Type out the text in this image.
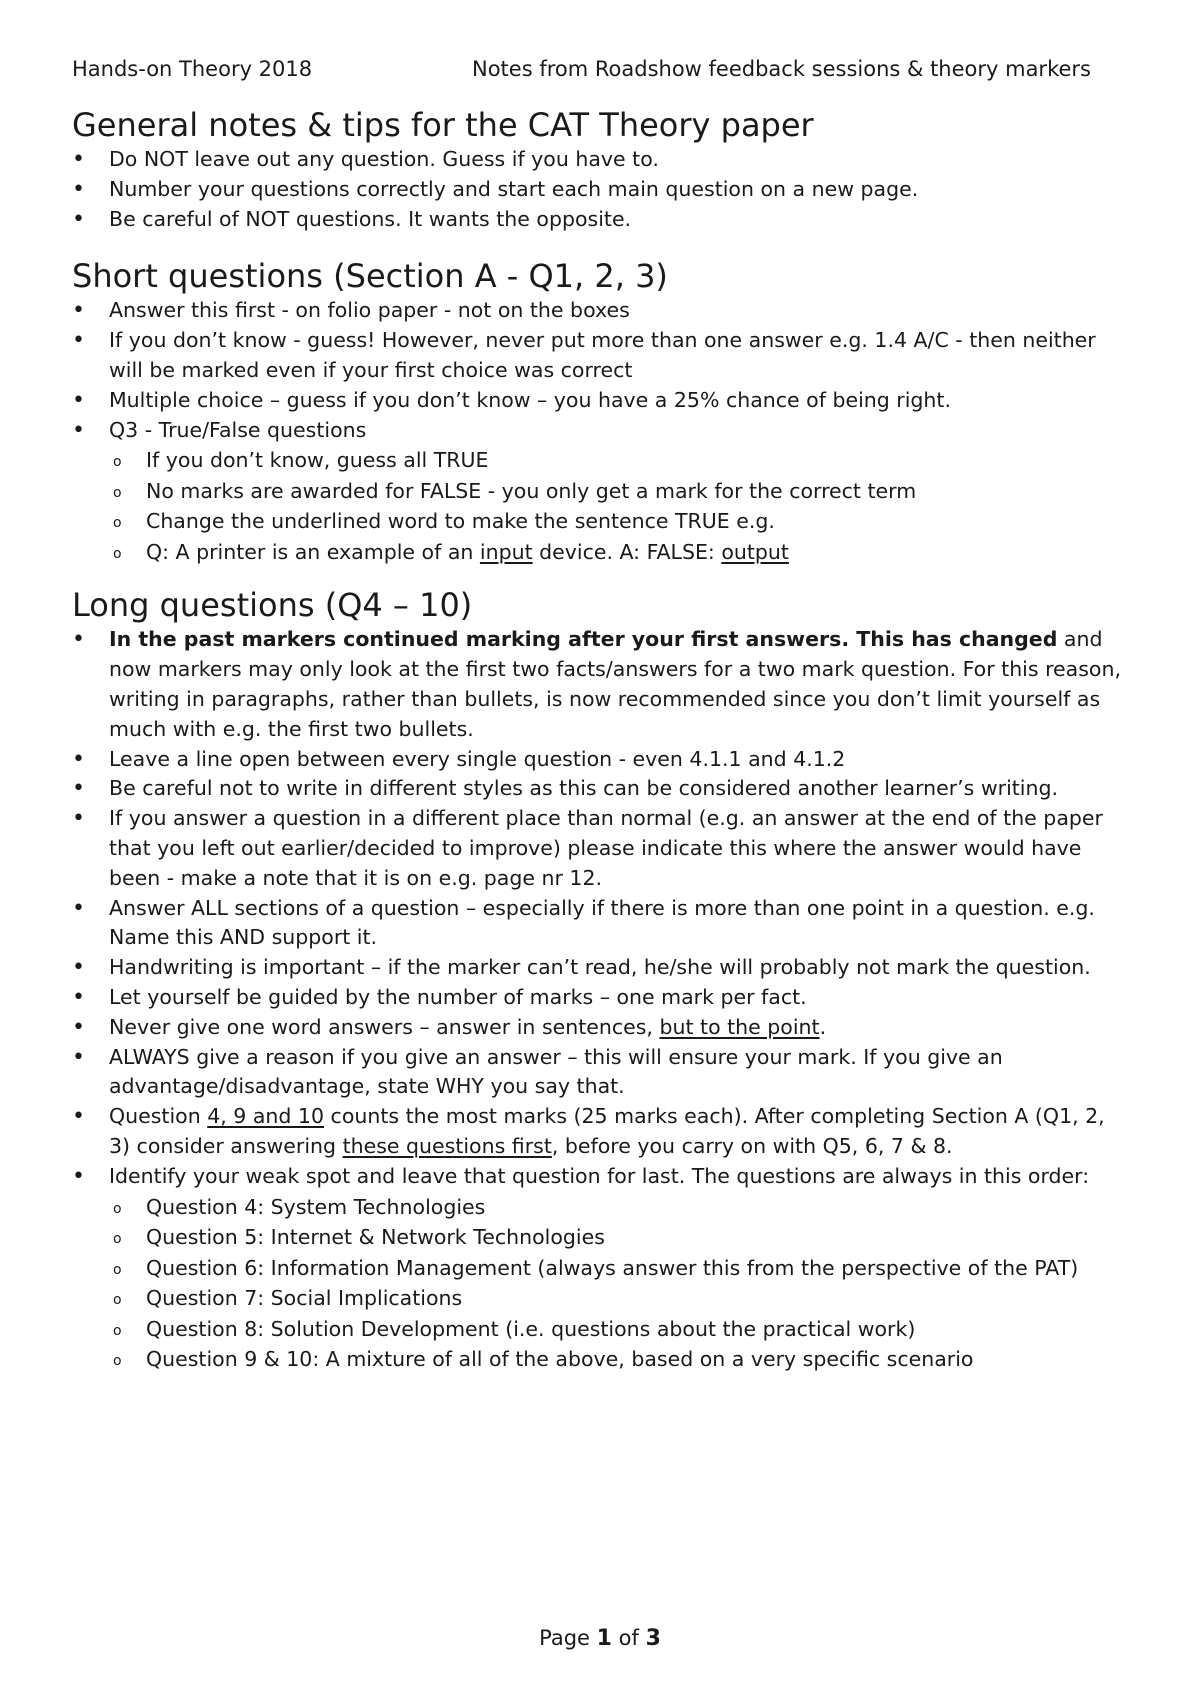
Hands-on Theory 2018	Notes from Roadshow feedback sessions & theory markers
General notes & tips for the CAT Theory paper
• Do NOT leave out any question. Guess if you have to.
• Number your questions correctly and start each main question on a new page.
• Be careful of NOT questions. It wants the opposite.
Short questions (Section A - Q1, 2, 3)
• Answer this first - on folio paper - not on the boxes
• If you don’t know - guess! However, never put more than one answer e.g. 1.4 A/C - then neither will be marked even if your first choice was correct
• Multiple choice – guess if you don’t know – you have a 25% chance of being right.
• Q3 - True/False questions
o If you don’t know, guess all TRUE
o No marks are awarded for FALSE - you only get a mark for the correct term
o Change the underlined word to make the sentence TRUE e.g.
o Q: A printer is an example of an input device. A: FALSE: output
Long questions (Q4 – 10)
• In the past markers continued marking after your first answers. This has changed and now markers may only look at the first two facts/answers for a two mark question. For this reason, writing in paragraphs, rather than bullets, is now recommended since you don’t limit yourself as much with e.g. the first two bullets.
• Leave a line open between every single question - even 4.1.1 and 4.1.2
• Be careful not to write in different styles as this can be considered another learner’s writing.
• If you answer a question in a different place than normal (e.g. an answer at the end of the paper that you left out earlier/decided to improve) please indicate this where the answer would have been - make a note that it is on e.g. page nr 12.
• Answer ALL sections of a question – especially if there is more than one point in a question. e.g. Name this AND support it.
• Handwriting is important – if the marker can’t read, he/she will probably not mark the question.
• Let yourself be guided by the number of marks – one mark per fact.
• Never give one word answers – answer in sentences, but to the point.
• ALWAYS give a reason if you give an answer – this will ensure your mark. If you give an advantage/disadvantage, state WHY you say that.
• Question 4, 9 and 10 counts the most marks (25 marks each). After completing Section A (Q1, 2, 3) consider answering these questions first, before you carry on with Q5, 6, 7 & 8.
• Identify your weak spot and leave that question for last. The questions are always in this order:
o Question 4: System Technologies
o Question 5: Internet & Network Technologies
o Question 6: Information Management (always answer this from the perspective of the PAT)
o Question 7: Social Implications
o Question 8: Solution Development (i.e. questions about the practical work)
o Question 9 & 10: A mixture of all of the above, based on a very specific scenario
Page 1 of 3
